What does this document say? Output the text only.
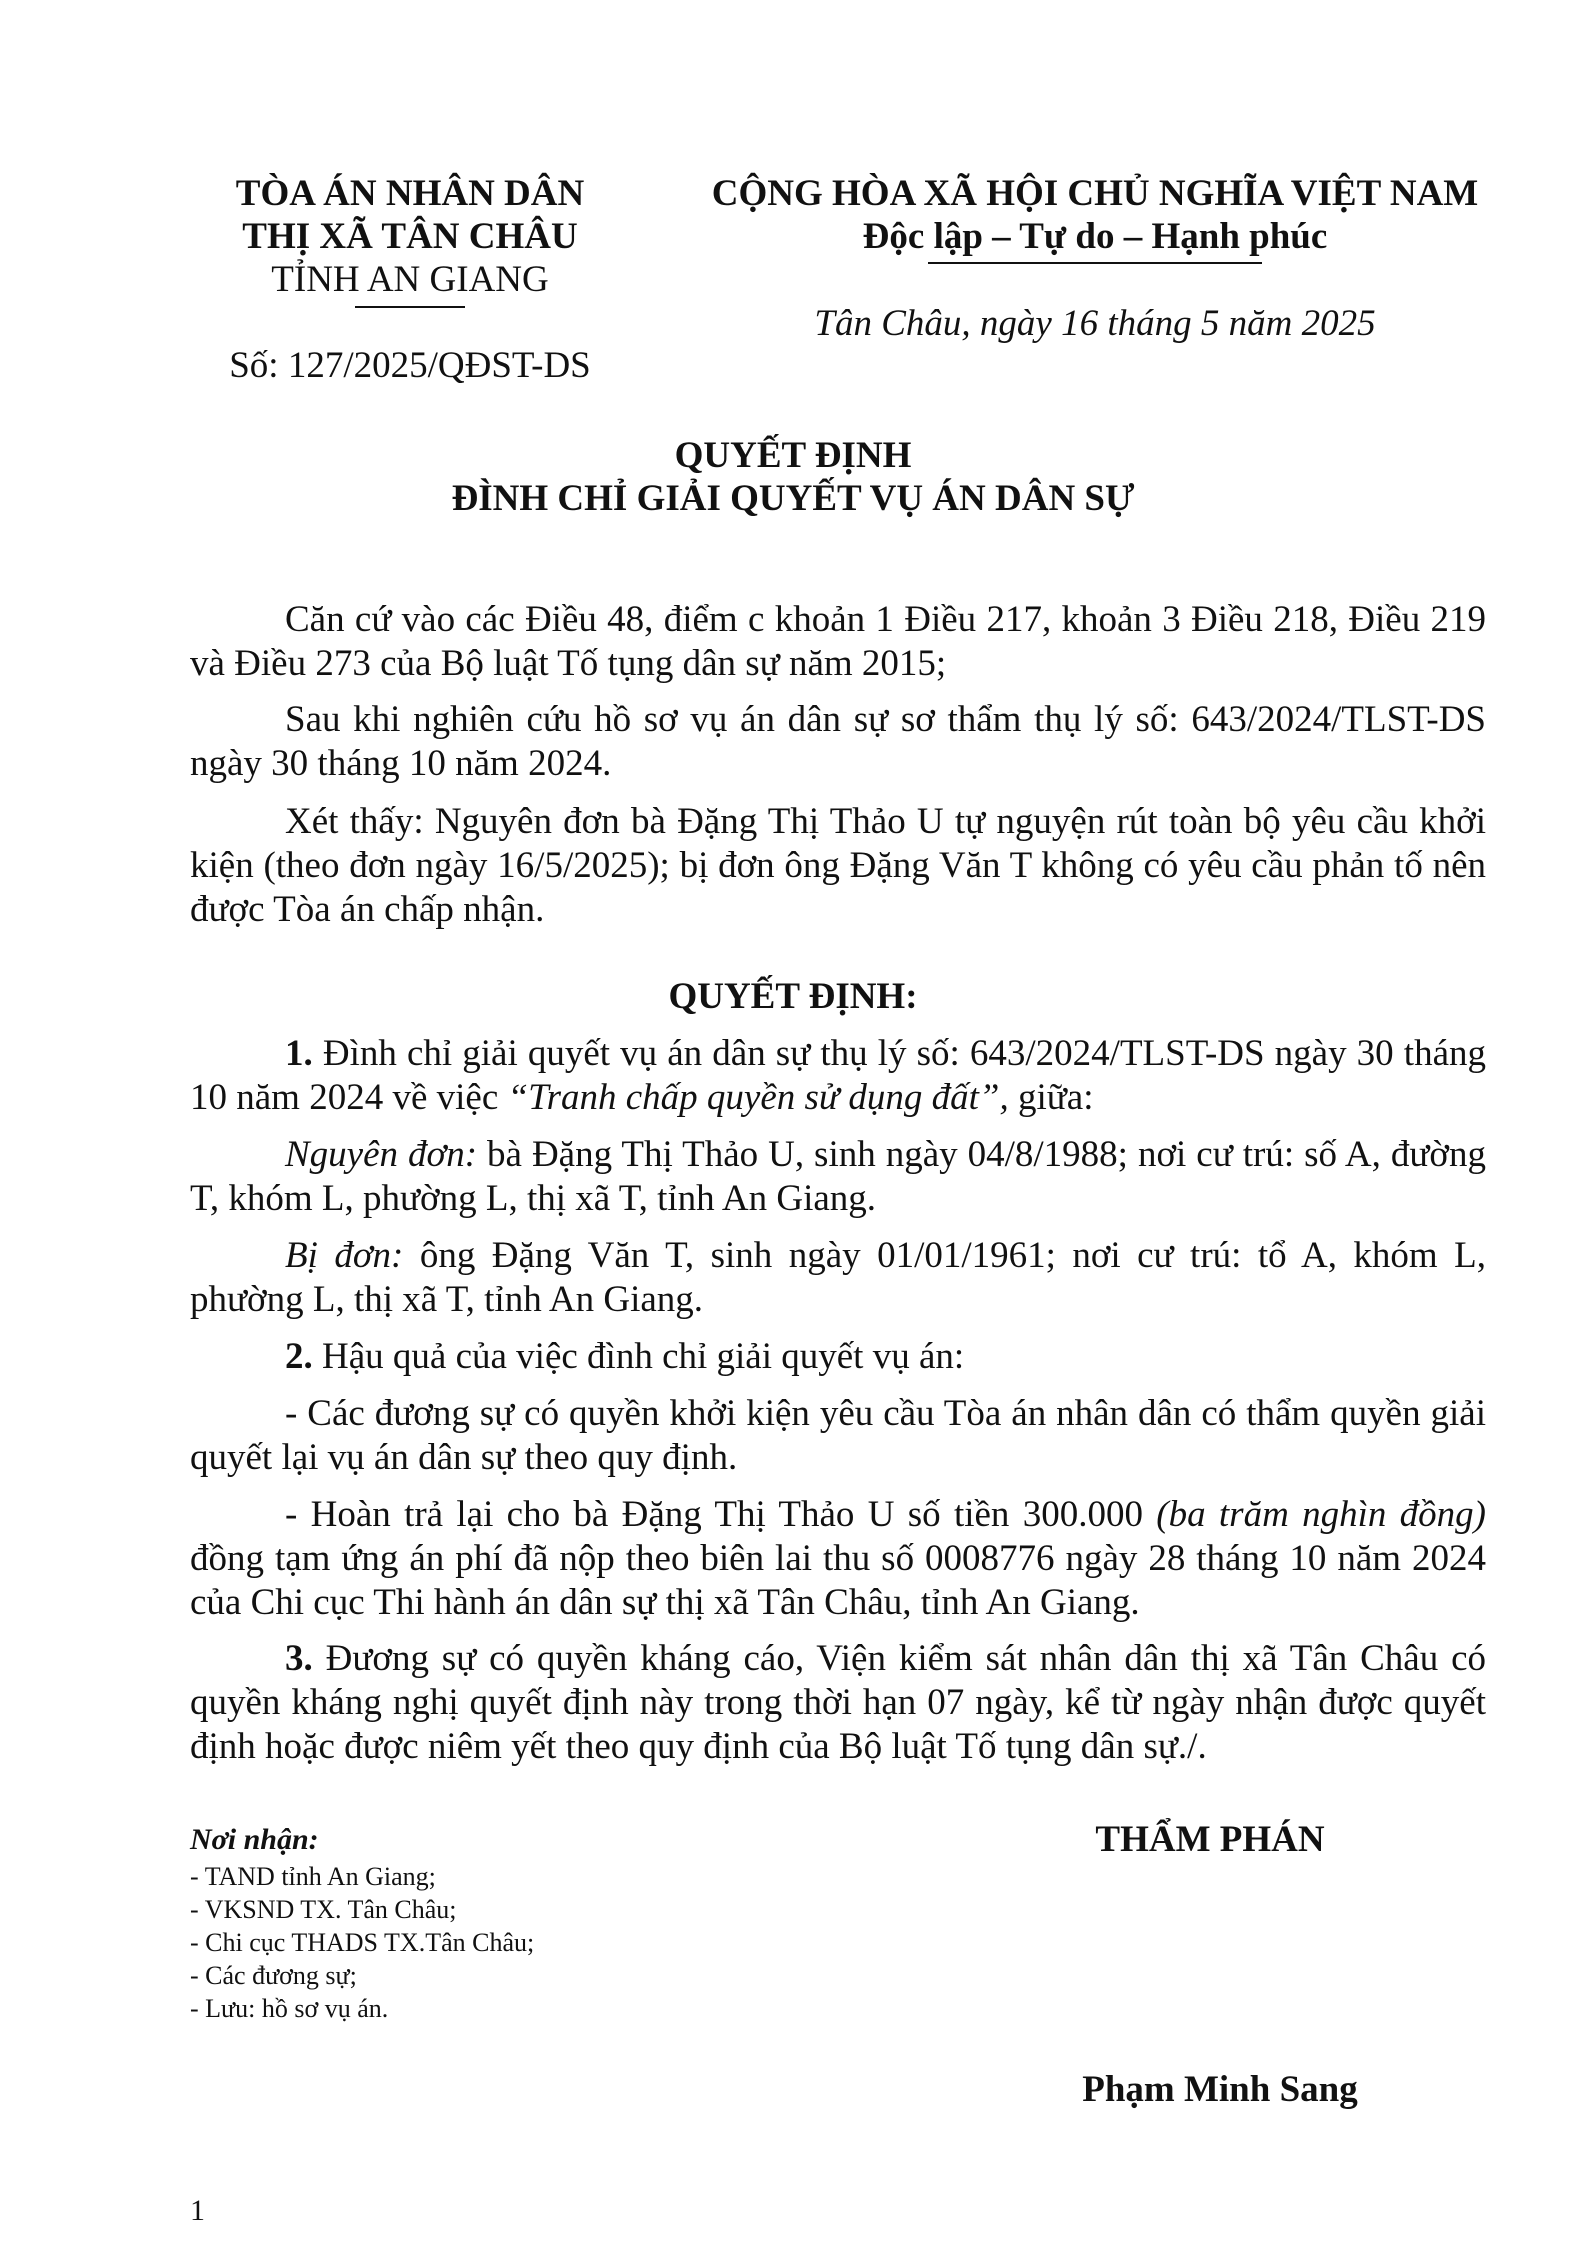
TÒA ÁN NHÂN DÂN
THỊ XÃ TÂN CHÂU
TỈNH AN GIANG
Số: 127/2025/QĐST-DS
CỘNG HÒA XÃ HỘI CHỦ NGHĨA VIỆT NAM
Độc lập – Tự do – Hạnh phúc
Tân Châu, ngày 16 tháng 5 năm 2025
QUYẾT ĐỊNH
ĐÌNH CHỈ GIẢI QUYẾT VỤ ÁN DÂN SỰ
Căn cứ vào các Điều 48, điểm c khoản 1 Điều 217, khoản 3 Điều 218, Điều 219 và Điều 273 của Bộ luật Tố tụng dân sự năm 2015;
Sau khi nghiên cứu hồ sơ vụ án dân sự sơ thẩm thụ lý số: 643/2024/TLST-DS ngày 30 tháng 10 năm 2024.
Xét thấy: Nguyên đơn bà Đặng Thị Thảo U tự nguyện rút toàn bộ yêu cầu khởi kiện (theo đơn ngày 16/5/2025); bị đơn ông Đặng Văn T không có yêu cầu phản tố nên được Tòa án chấp nhận.
QUYẾT ĐỊNH:
1. Đình chỉ giải quyết vụ án dân sự thụ lý số: 643/2024/TLST-DS ngày 30 tháng 10 năm 2024 về việc “Tranh chấp quyền sử dụng đất”, giữa:
Nguyên đơn: bà Đặng Thị Thảo U, sinh ngày 04/8/1988; nơi cư trú: số A, đường T, khóm L, phường L, thị xã T, tỉnh An Giang.
Bị đơn: ông Đặng Văn T, sinh ngày 01/01/1961; nơi cư trú: tổ A, khóm L, phường L, thị xã T, tỉnh An Giang.
2. Hậu quả của việc đình chỉ giải quyết vụ án:
- Các đương sự có quyền khởi kiện yêu cầu Tòa án nhân dân có thẩm quyền giải quyết lại vụ án dân sự theo quy định.
- Hoàn trả lại cho bà Đặng Thị Thảo U số tiền 300.000 (ba trăm nghìn đồng) đồng tạm ứng án phí đã nộp theo biên lai thu số 0008776 ngày 28 tháng 10 năm 2024 của Chi cục Thi hành án dân sự thị xã Tân Châu, tỉnh An Giang.
3. Đương sự có quyền kháng cáo, Viện kiểm sát nhân dân thị xã Tân Châu có quyền kháng nghị quyết định này trong thời hạn 07 ngày, kể từ ngày nhận được quyết định hoặc được niêm yết theo quy định của Bộ luật Tố tụng dân sự./.
Nơi nhận:
- TAND tỉnh An Giang;
- VKSND TX. Tân Châu;
- Chi cục THADS TX.Tân Châu;
- Các đương sự;
- Lưu: hồ sơ vụ án.
THẨM PHÁN
Phạm Minh Sang
1
